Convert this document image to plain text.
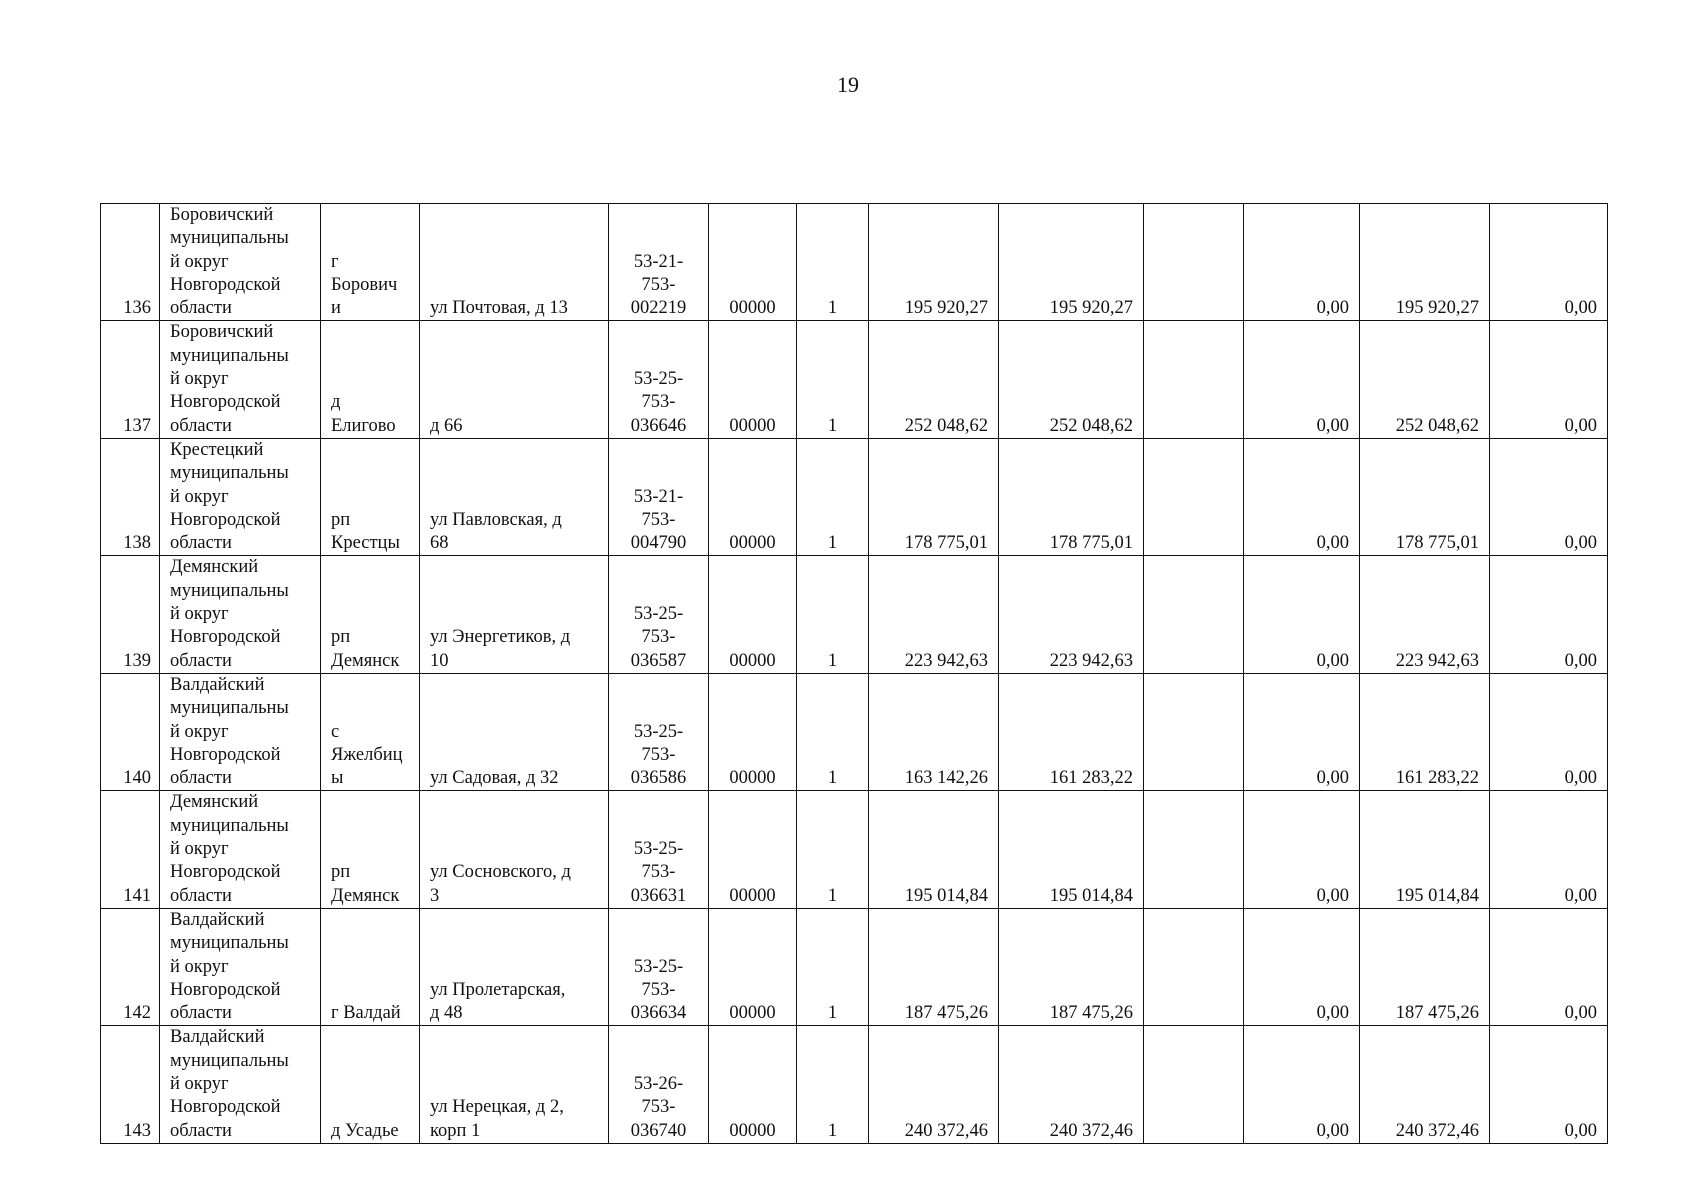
19
136	Боровичский
муниципальны
й округ
Новгородской
области	г
Борович
и	ул Почтовая, д 13	53-21-
753-
002219	00000	1	195 920,27	195 920,27		0,00	195 920,27	0,00
137	Боровичский
муниципальны
й округ
Новгородской
области	д
Елигово	д 66	53-25-
753-
036646	00000	1	252 048,62	252 048,62		0,00	252 048,62	0,00
138	Крестецкий
муниципальны
й округ
Новгородской
области	рп
Крестцы	ул Павловская, д
68	53-21-
753-
004790	00000	1	178 775,01	178 775,01		0,00	178 775,01	0,00
139	Демянский
муниципальны
й округ
Новгородской
области	рп
Демянск	ул Энергетиков, д
10	53-25-
753-
036587	00000	1	223 942,63	223 942,63		0,00	223 942,63	0,00
140	Валдайский
муниципальны
й округ
Новгородской
области	с
Яжелбиц
ы	ул Садовая, д 32	53-25-
753-
036586	00000	1	163 142,26	161 283,22		0,00	161 283,22	0,00
141	Демянский
муниципальны
й округ
Новгородской
области	рп
Демянск	ул Сосновского, д
3	53-25-
753-
036631	00000	1	195 014,84	195 014,84		0,00	195 014,84	0,00
142	Валдайский
муниципальны
й округ
Новгородской
области	г Валдай	ул Пролетарская,
д 48	53-25-
753-
036634	00000	1	187 475,26	187 475,26		0,00	187 475,26	0,00
143	Валдайский
муниципальны
й округ
Новгородской
области	д Усадье	ул Нерецкая, д 2,
корп 1	53-26-
753-
036740	00000	1	240 372,46	240 372,46		0,00	240 372,46	0,00
